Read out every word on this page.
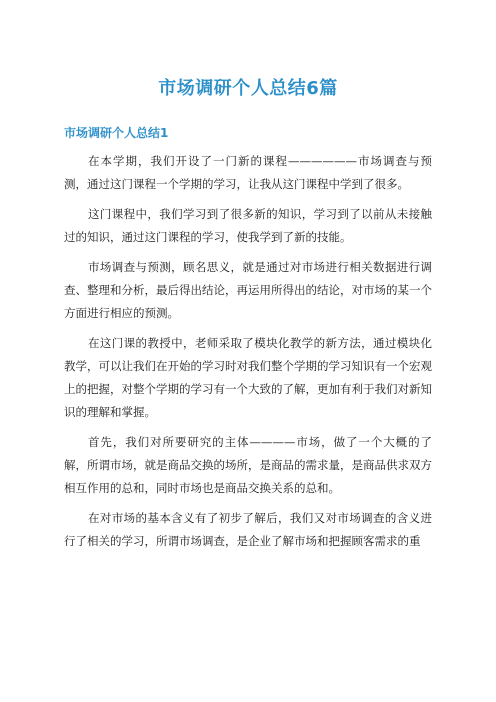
市场调研个人总结6篇
市场调研个人总结1

在本学期，我们开设了一门新的课程——————市场调查与预测，通过这门课程一个学期的学习，让我从这门课程中学到了很多。

这门课程中，我们学习到了很多新的知识，学习到了以前从未接触过的知识，通过这门课程的学习，使我学到了新的技能。

市场调查与预测，顾名思义，就是通过对市场进行相关数据进行调查、整理和分析，最后得出结论，再运用所得出的结论，对市场的某一个方面进行相应的预测。

在这门课的教授中，老师采取了模块化教学的新方法，通过模块化教学，可以让我们在开始的学习时对我们整个学期的学习知识有一个宏观上的把握，对整个学期的学习有一个大致的了解，更加有利于我们对新知识的理解和掌握。

首先，我们对所要研究的主体————市场，做了一个大概的了解，所谓市场，就是商品交换的场所，是商品的需求量，是商品供求双方相互作用的总和，同时市场也是商品交换关系的总和。

在对市场的基本含义有了初步了解后，我们又对市场调查的含义进行了相关的学习，所谓市场调查，是企业了解市场和把握顾客需求的重
